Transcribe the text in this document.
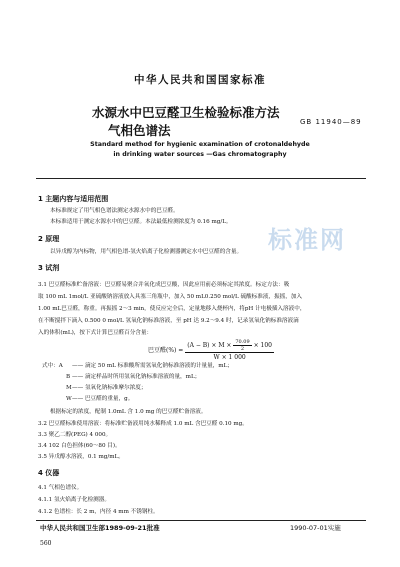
中华人民共和国国家标准
水源水中巴豆醛卫生检验标准方法
气相色谱法
GB 11940—89
Standard method for hygienic examination of crotonaldehyde
in drinking water sources —Gas chromatography
标准网
1 主题内容与适用范围
本标准规定了用气相色谱法测定水源水中的巴豆醛。
本标准适用于测定水源水中的巴豆醛。本法最低检测浓度为 0.16 mg/L。
2 原理
以异戊醇为内标物，用气相色谱-氢火焰离子化检测器测定水中巴豆醛的含量。
3 试剂
3.1 巴豆醛标准贮备溶液：巴豆醛易聚合并氧化成巴豆酸，因此应用前必须标定其浓度。标定方法：吸
取 100 mL 1mol/L 亚硫酸钠溶液放入具塞三角瓶中，加入 50 mL0.250 mol/L 硫酸标准液，振摇，加入
1.00 mL巴豆醛，称重。再振摇 2～3 min，使反应完全后，定量地移入烧杯内，将pH 计电极插入溶液中，
在不断搅拌下滴入 0.500 0 mol/L 氢氧化钠标准溶液，至 pH 达 9.2～9.4 时，记录氢氧化钠标准溶液滴
入的体积(mL)，按下式计算巴豆醛百分含量：
巴豆醛(%) =
$(A - B) \times M \times \frac{70.09}{2} \times 100$
W × 1 000
式中：A —— 滴定 50 mL 标准酸所需氢氧化钠标准溶液的计量量，mL；
B —— 滴定样品时所用氢氧化钠标准溶液的量，mL；
M —— 氢氧化钠标准摩尔浓度；
W —— 巴豆醛的重量，g。
根据标定的浓度，配制 1.0mL 含 1.0 mg 的巴豆醛贮备溶液。
3.2 巴豆醛标准使用溶液：将标准贮备液用纯水稀释成 1.0 mL 含巴豆醛 0.10 mg。
3.3 聚乙二醇(PEG) 4 000。
3.4 102 白色担体(60～80 目)。
3.5 异戊醇水溶液，0.1 mg/mL。
4 仪器
4.1 气相色谱仪。
4.1.1 氢火焰离子化检测器。
4.1.2 色谱柱：长 2 m，内径 4 mm 不锈钢柱。
中华人民共和国卫生部1989-09-21批准	1990-07-01实施
560
